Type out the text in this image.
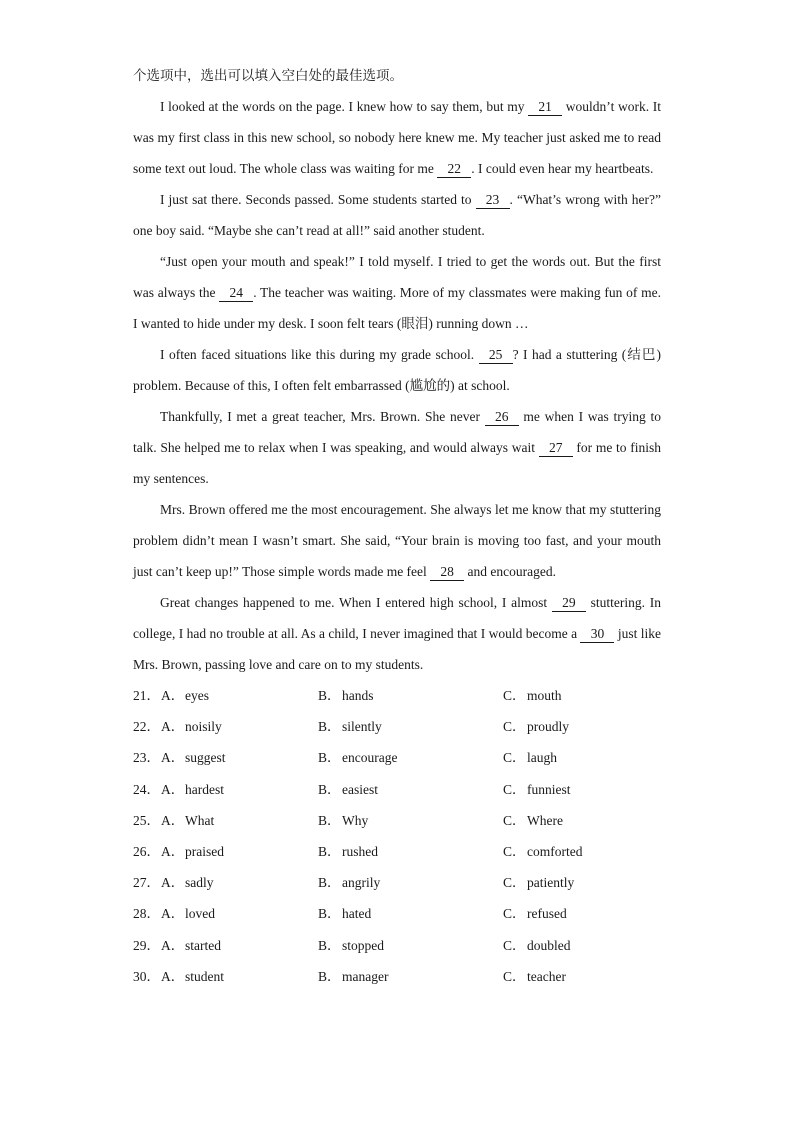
个选项中，选出可以填入空白处的最佳选项。

I looked at the words on the page. I knew how to say them, but my 21 wouldn’t work. It was my first class in this new school, so nobody here knew me. My teacher just asked me to read some text out loud. The whole class was waiting for me 22 . I could even hear my heartbeats.

I just sat there. Seconds passed. Some students started to 23 . “What’s wrong with her?” one boy said. “Maybe she can’t read at all!” said another student.

“Just open your mouth and speak!” I told myself. I tried to get the words out. But the first was always the 24 . The teacher was waiting. More of my classmates were making fun of me. I wanted to hide under my desk. I soon felt tears (眼泪) running down …

I often faced situations like this during my grade school. 25 ? I had a stuttering (结巴) problem. Because of this, I often felt embarrassed (尴尬的) at school.

Thankfully, I met a great teacher, Mrs. Brown. She never 26 me when I was trying to talk. She helped me to relax when I was speaking, and would always wait 27 for me to finish my sentences.

Mrs. Brown offered me the most encouragement. She always let me know that my stuttering problem didn’t mean I wasn’t smart. She said, “Your brain is moving too fast, and your mouth just can’t keep up!” Those simple words made me feel 28 and encouraged.

Great changes happened to me. When I entered high school, I almost 29 stuttering. In college, I had no trouble at all. As a child, I never imagined that I would become a 30 just like Mrs. Brown, passing love and care on to my students.

21． A．eyes	B．hands	C．mouth
22． A．noisily	B．silently	C．proudly
23． A．suggest	B．encourage	C．laugh
24． A．hardest	B．easiest	C．funniest
25． A．What	B．Why	C．Where
26． A．praised	B．rushed	C．comforted
27． A．sadly	B．angrily	C．patiently
28． A．loved	B．hated	C．refused
29． A．started	B．stopped	C．doubled
30． A．student	B．manager	C．teacher
